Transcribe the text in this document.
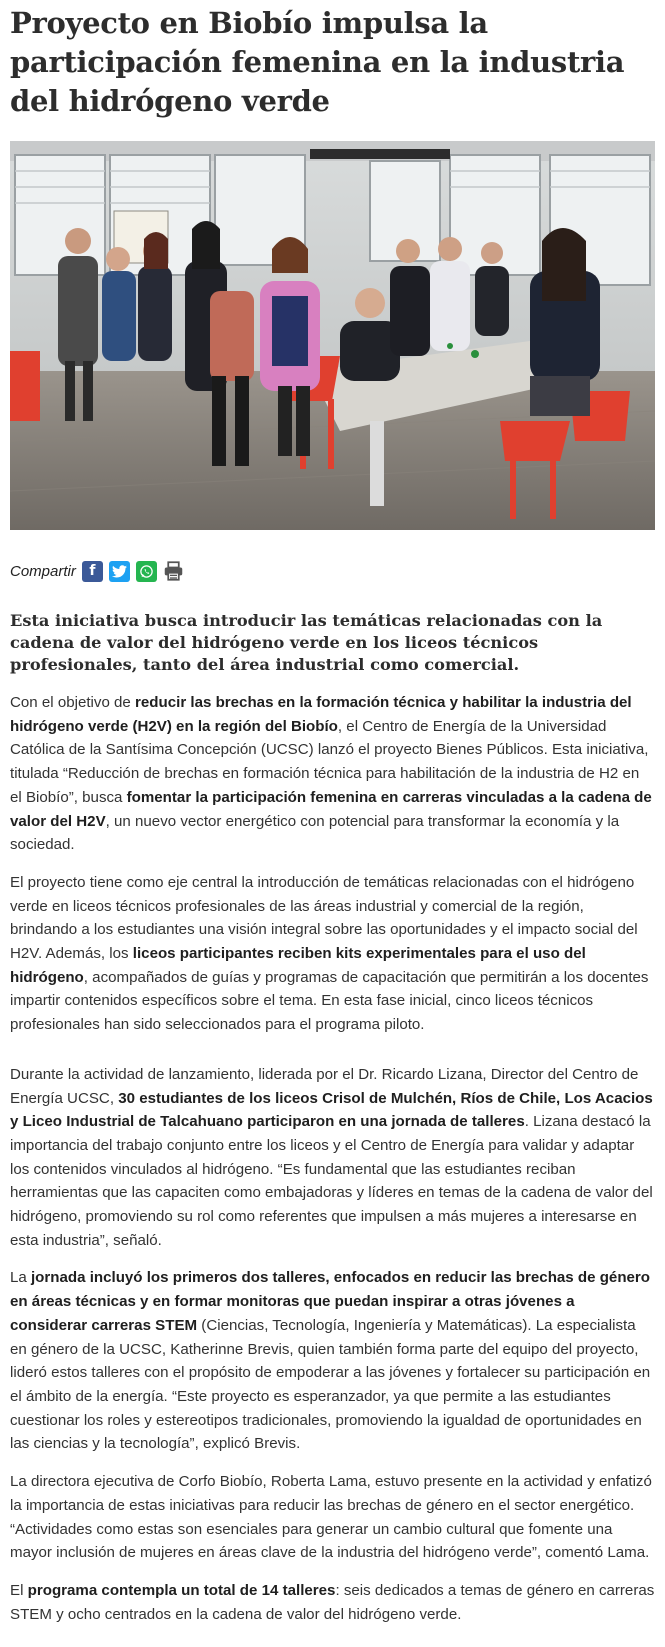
Proyecto en Biobío impulsa la participación femenina en la industria del hidrógeno verde
Compartir f

Esta iniciativa busca introducir las temáticas relacionadas con la cadena de valor del hidrógeno verde en los liceos técnicos profesionales, tanto del área industrial como comercial.

Con el objetivo de reducir las brechas en la formación técnica y habilitar la industria del hidrógeno verde (H2V) en la región del Biobío, el Centro de Energía de la Universidad Católica de la Santísima Concepción (UCSC) lanzó el proyecto Bienes Públicos. Esta iniciativa, titulada “Reducción de brechas en formación técnica para habilitación de la industria de H2 en el Biobío”, busca fomentar la participación femenina en carreras vinculadas a la cadena de valor del H2V, un nuevo vector energético con potencial para transformar la economía y la sociedad.

El proyecto tiene como eje central la introducción de temáticas relacionadas con el hidrógeno verde en liceos técnicos profesionales de las áreas industrial y comercial de la región, brindando a los estudiantes una visión integral sobre las oportunidades y el impacto social del H2V. Además, los liceos participantes reciben kits experimentales para el uso del hidrógeno, acompañados de guías y programas de capacitación que permitirán a los docentes impartir contenidos específicos sobre el tema. En esta fase inicial, cinco liceos técnicos profesionales han sido seleccionados para el programa piloto.

Durante la actividad de lanzamiento, liderada por el Dr. Ricardo Lizana, Director del Centro de Energía UCSC, 30 estudiantes de los liceos Crisol de Mulchén, Ríos de Chile, Los Acacios y Liceo Industrial de Talcahuano participaron en una jornada de talleres. Lizana destacó la importancia del trabajo conjunto entre los liceos y el Centro de Energía para validar y adaptar los contenidos vinculados al hidrógeno. “Es fundamental que las estudiantes reciban herramientas que las capaciten como embajadoras y líderes en temas de la cadena de valor del hidrógeno, promoviendo su rol como referentes que impulsen a más mujeres a interesarse en esta industria”, señaló.

La jornada incluyó los primeros dos talleres, enfocados en reducir las brechas de género en áreas técnicas y en formar monitoras que puedan inspirar a otras jóvenes a considerar carreras STEM (Ciencias, Tecnología, Ingeniería y Matemáticas). La especialista en género de la UCSC, Katherinne Brevis, quien también forma parte del equipo del proyecto, lideró estos talleres con el propósito de empoderar a las jóvenes y fortalecer su participación en el ámbito de la energía. “Este proyecto es esperanzador, ya que permite a las estudiantes cuestionar los roles y estereotipos tradicionales, promoviendo la igualdad de oportunidades en las ciencias y la tecnología”, explicó Brevis.

La directora ejecutiva de Corfo Biobío, Roberta Lama, estuvo presente en la actividad y enfatizó la importancia de estas iniciativas para reducir las brechas de género en el sector energético. “Actividades como estas son esenciales para generar un cambio cultural que fomente una mayor inclusión de mujeres en áreas clave de la industria del hidrógeno verde”, comentó Lama.

El programa contempla un total de 14 talleres: seis dedicados a temas de género en carreras STEM y ocho centrados en la cadena de valor del hidrógeno verde.
